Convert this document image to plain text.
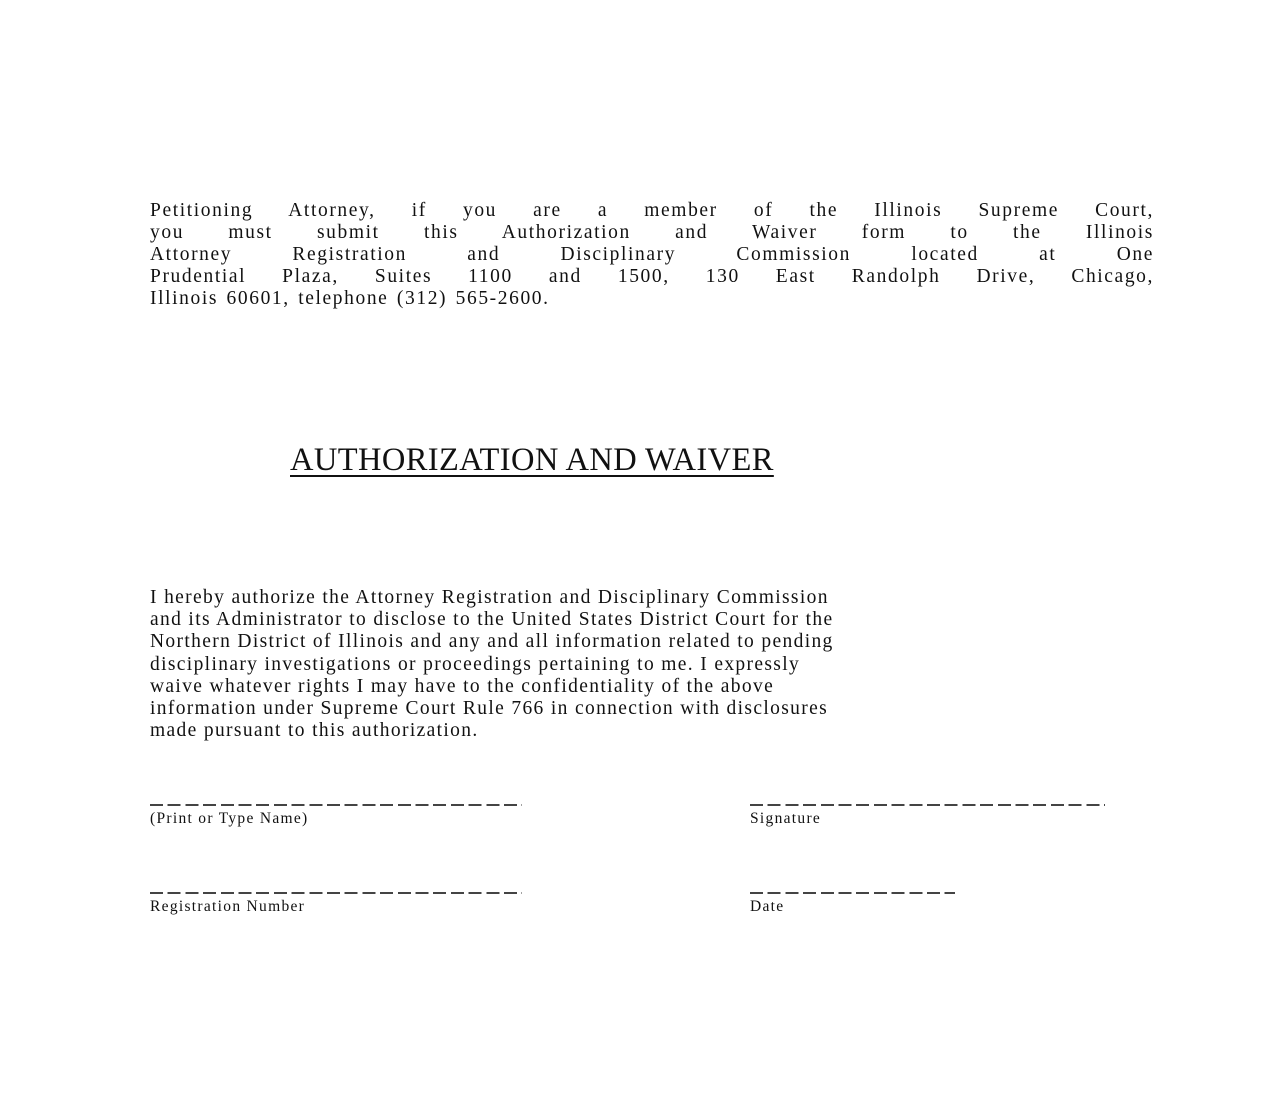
Petitioning Attorney, if you are a member of the Illinois Supreme Court,
you must submit this Authorization and Waiver form to the Illinois
Attorney Registration and Disciplinary Commission located at One
Prudential Plaza, Suites 1100 and 1500, 130 East Randolph Drive, Chicago,
Illinois 60601, telephone (312) 565-2600.
AUTHORIZATION AND WAIVER
I hereby authorize the Attorney Registration and Disciplinary Commission
and its Administrator to disclose to the United States District Court for the
Northern District of Illinois and any and all information related to pending
disciplinary investigations or proceedings pertaining to me. I expressly
waive whatever rights I may have to the confidentiality of the above
information under Supreme Court Rule 766 in connection with disclosures
made pursuant to this authorization.
(Print or Type Name)	Signature
Registration Number	Date
